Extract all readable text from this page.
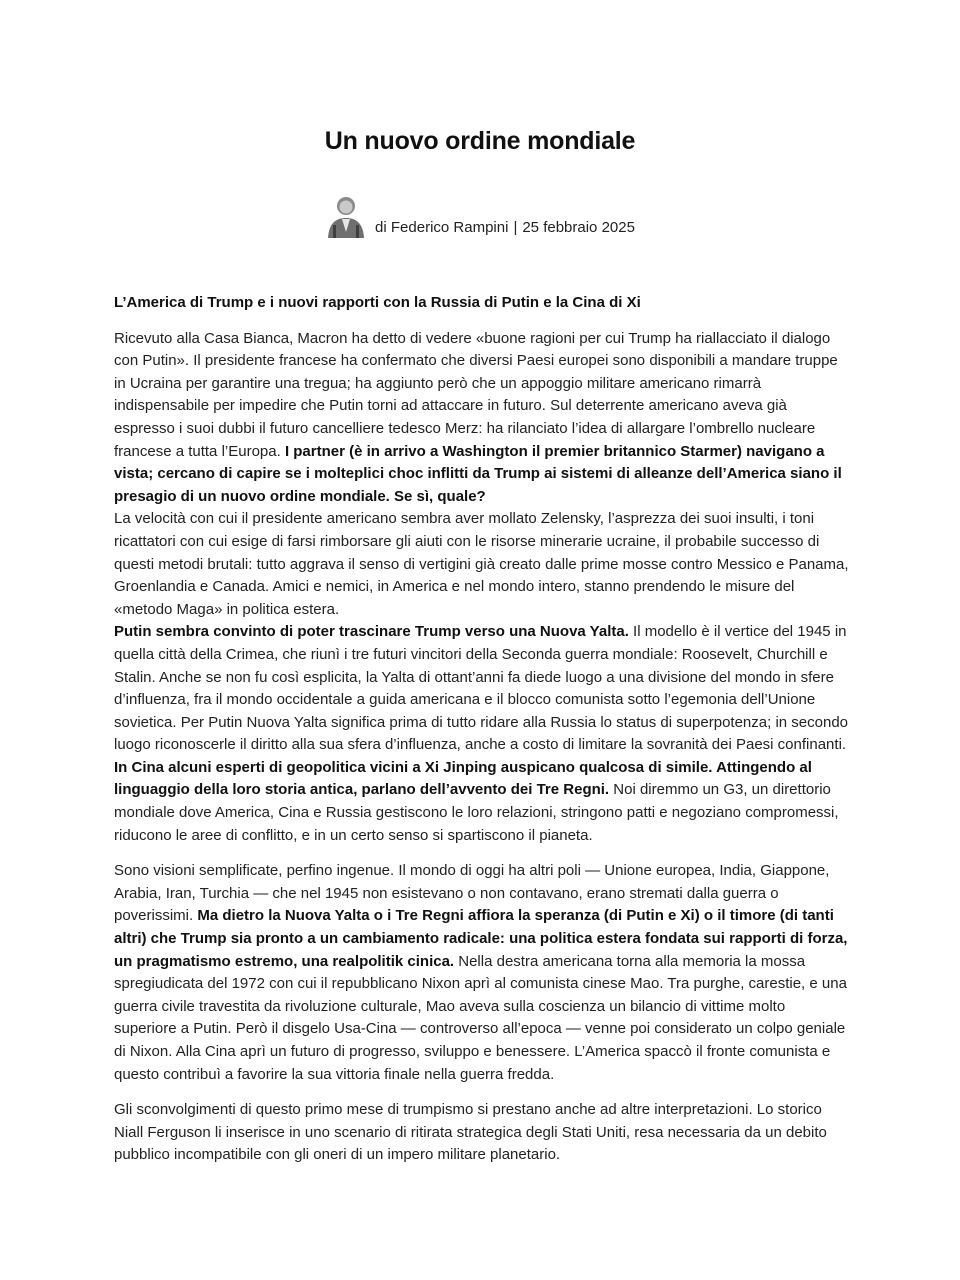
Un nuovo ordine mondiale
di Federico Rampini | 25 febbraio 2025

L’America di Trump e i nuovi rapporti con la Russia di Putin e la Cina di Xi

Ricevuto alla Casa Bianca, Macron ha detto di vedere «buone ragioni per cui Trump ha riallacciato il dialogo con Putin». Il presidente francese ha confermato che diversi Paesi europei sono disponibili a mandare truppe in Ucraina per garantire una tregua; ha aggiunto però che un appoggio militare americano rimarrà indispensabile per impedire che Putin torni ad attaccare in futuro. Sul deterrente americano aveva già espresso i suoi dubbi il futuro cancelliere tedesco Merz: ha rilanciato l’idea di allargare l’ombrello nucleare francese a tutta l’Europa. I partner (è in arrivo a Washington il premier britannico Starmer) navigano a vista; cercano di capire se i molteplici choc inflitti da Trump ai sistemi di alleanze dell’America siano il presagio di un nuovo ordine mondiale. Se sì, quale?

La velocità con cui il presidente americano sembra aver mollato Zelensky, l’asprezza dei suoi insulti, i toni ricattatori con cui esige di farsi rimborsare gli aiuti con le risorse minerarie ucraine, il probabile successo di questi metodi brutali: tutto aggrava il senso di vertigini già creato dalle prime mosse contro Messico e Panama, Groenlandia e Canada. Amici e nemici, in America e nel mondo intero, stanno prendendo le misure del «metodo Maga» in politica estera.

Putin sembra convinto di poter trascinare Trump verso una Nuova Yalta. Il modello è il vertice del 1945 in quella città della Crimea, che riunì i tre futuri vincitori della Seconda guerra mondiale: Roosevelt, Churchill e Stalin. Anche se non fu così esplicita, la Yalta di ottant’anni fa diede luogo a una divisione del mondo in sfere d’influenza, fra il mondo occidentale a guida americana e il blocco comunista sotto l’egemonia dell’Unione sovietica. Per Putin Nuova Yalta significa prima di tutto ridare alla Russia lo status di superpotenza; in secondo luogo riconoscerle il diritto alla sua sfera d’influenza, anche a costo di limitare la sovranità dei Paesi confinanti.

In Cina alcuni esperti di geopolitica vicini a Xi Jinping auspicano qualcosa di simile. Attingendo al linguaggio della loro storia antica, parlano dell’avvento dei Tre Regni. Noi diremmo un G3, un direttorio mondiale dove America, Cina e Russia gestiscono le loro relazioni, stringono patti e negoziano compromessi, riducono le aree di conflitto, e in un certo senso si spartiscono il pianeta.

Sono visioni semplificate, perfino ingenue. Il mondo di oggi ha altri poli — Unione europea, India, Giappone, Arabia, Iran, Turchia — che nel 1945 non esistevano o non contavano, erano stremati dalla guerra o poverissimi. Ma dietro la Nuova Yalta o i Tre Regni affiora la speranza (di Putin e Xi) o il timore (di tanti altri) che Trump sia pronto a un cambiamento radicale: una politica estera fondata sui rapporti di forza, un pragmatismo estremo, una realpolitik cinica. Nella destra americana torna alla memoria la mossa spregiudicata del 1972 con cui il repubblicano Nixon aprì al comunista cinese Mao. Tra purghe, carestie, e una guerra civile travestita da rivoluzione culturale, Mao aveva sulla coscienza un bilancio di vittime molto superiore a Putin. Però il disgelo Usa-Cina — controverso all’epoca — venne poi considerato un colpo geniale di Nixon. Alla Cina aprì un futuro di progresso, sviluppo e benessere. L’America spaccò il fronte comunista e questo contribuì a favorire la sua vittoria finale nella guerra fredda.

Gli sconvolgimenti di questo primo mese di trumpismo si prestano anche ad altre interpretazioni. Lo storico Niall Ferguson li inserisce in uno scenario di ritirata strategica degli Stati Uniti, resa necessaria da un debito pubblico incompatibile con gli oneri di un impero militare planetario.
